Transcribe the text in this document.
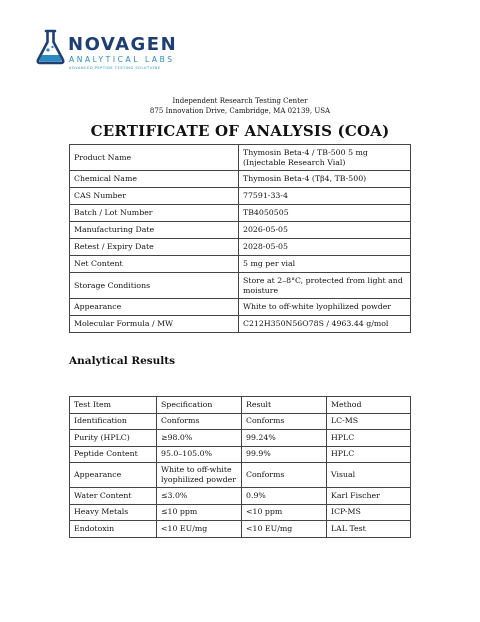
NOVAGEN
ANALYTICAL LABS
ADVANCED PEPTIDE TESTING SOLUTIONS
Independent Research Testing Center
875 Innovation Drive, Cambridge, MA 02139, USA
CERTIFICATE OF ANALYSIS (COA)
Product Name	Thymosin Beta-4 / TB-500 5 mg (Injectable Research Vial)
Chemical Name	Thymosin Beta-4 (Tβ4, TB-500)
CAS Number	77591-33-4
Batch / Lot Number	TB4050505
Manufacturing Date	2026-05-05
Retest / Expiry Date	2028-05-05
Net Content	5 mg per vial
Storage Conditions	Store at 2–8°C, protected from light and moisture
Appearance	White to off-white lyophilized powder
Molecular Formula / MW	C212H350N56O78S / 4963.44 g/mol
Analytical Results
Test Item	Specification	Result	Method
Identification	Conforms	Conforms	LC-MS
Purity (HPLC)	≥98.0%	99.24%	HPLC
Peptide Content	95.0–105.0%	99.9%	HPLC
Appearance	White to off-white lyophilized powder	Conforms	Visual
Water Content	≤3.0%	0.9%	Karl Fischer
Heavy Metals	≤10 ppm	<10 ppm	ICP-MS
Endotoxin	<10 EU/mg	<10 EU/mg	LAL Test
